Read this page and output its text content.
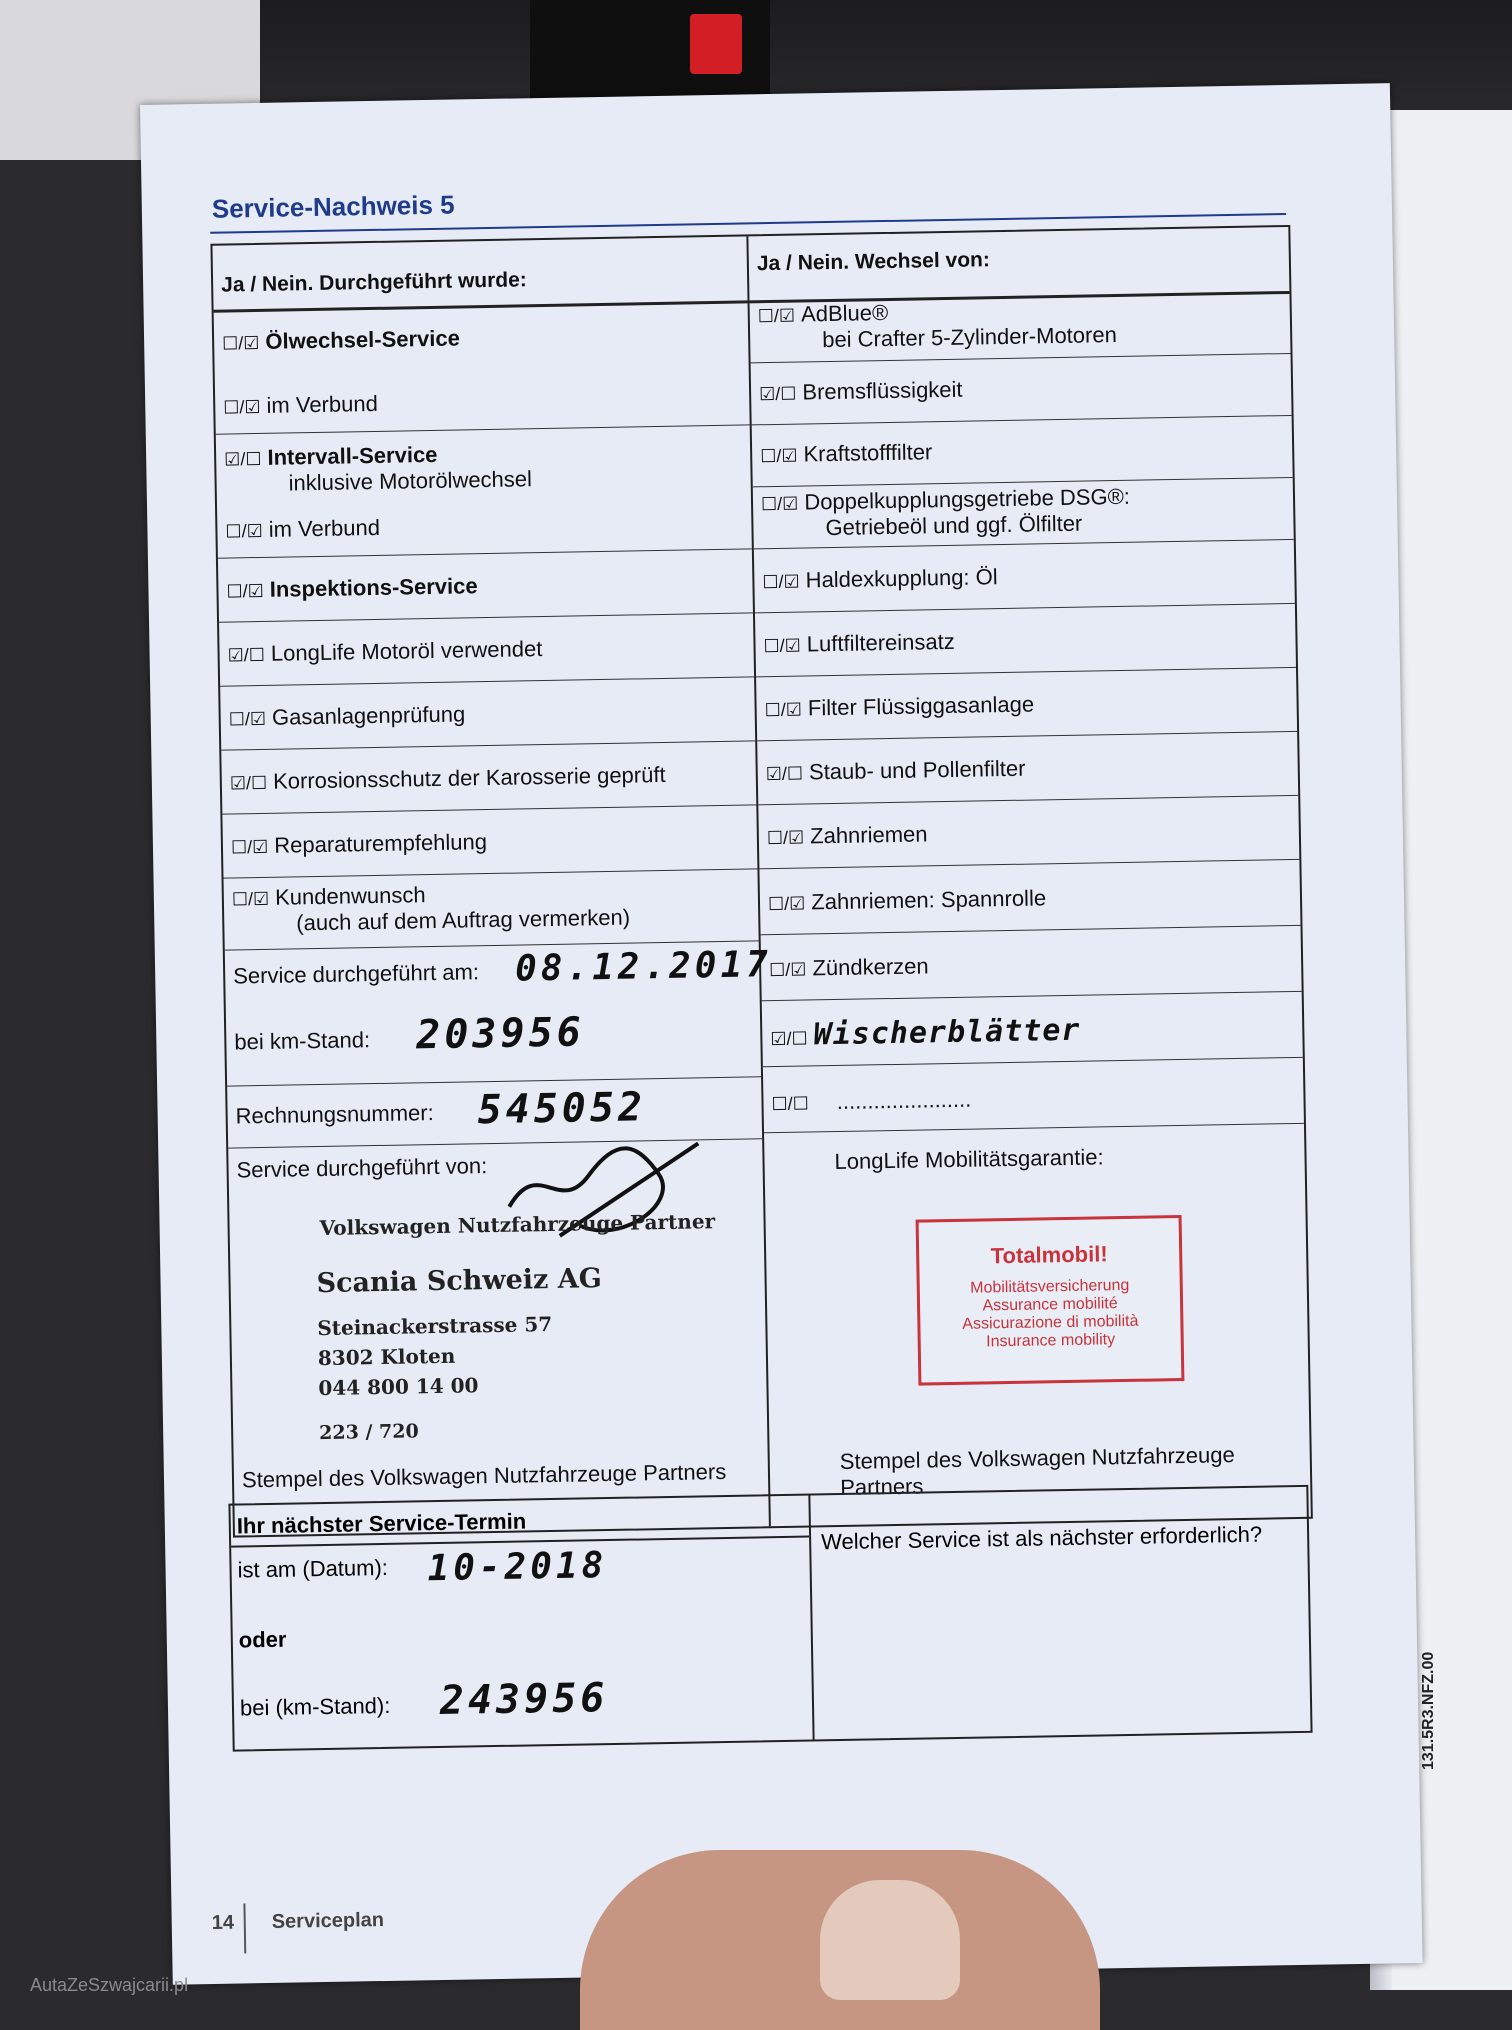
Service-Nachweis 5
Ja / Nein. Durchgeführt wurde:
☐/☑ Ölwechsel-Service
☐/☑ im Verbund
☑/☐ Intervall-Service
inklusive Motorölwechsel
☐/☑ im Verbund
☐/☑ Inspektions-Service
☑/☐ LongLife Motoröl verwendet
☐/☑ Gasanlagenprüfung
☑/☐ Korrosionsschutz der Karosserie geprüft
☐/☑ Reparaturempfehlung
☐/☑ Kundenwunsch
(auch auf dem Auftrag vermerken)
Service durchgeführt am: 08.12.2017
bei km-Stand: 203956
Rechnungsnummer: 545052
Service durchgeführt von:
Volkswagen Nutzfahrzeuge Partner
Scania Schweiz AG
Steinackerstrasse 57
8302 Kloten
044 800 14 00
223 / 720
Stempel des Volkswagen Nutzfahrzeuge Partners
Ja / Nein. Wechsel von:
☐/☑ AdBlue®
bei Crafter 5-Zylinder-Motoren
☑/☐ Bremsflüssigkeit
☐/☑ Kraftstofffilter
☐/☑ Doppelkupplungsgetriebe DSG®:
Getriebeöl und ggf. Ölfilter
☐/☑ Haldexkupplung: Öl
☐/☑ Luftfiltereinsatz
☐/☑ Filter Flüssiggasanlage
☑/☐ Staub- und Pollenfilter
☐/☑ Zahnriemen
☐/☑ Zahnriemen: Spannrolle
☐/☑ Zündkerzen
☑/☐ Wischerblätter
☐/☐ ......................
LongLife Mobilitätsgarantie:
Totalmobil!
Mobilitätsversicherung
Assurance mobilité
Assicurazione di mobilità
Insurance mobility
Stempel des Volkswagen Nutzfahrzeuge Partners
Ihr nächster Service-Termin
ist am (Datum): 10-2018
oder
bei (km-Stand): 243956
Welcher Service ist als nächster erforderlich?
14 Serviceplan
131.5R3.NFZ.00
AutaZeSzwajcarii.pl
